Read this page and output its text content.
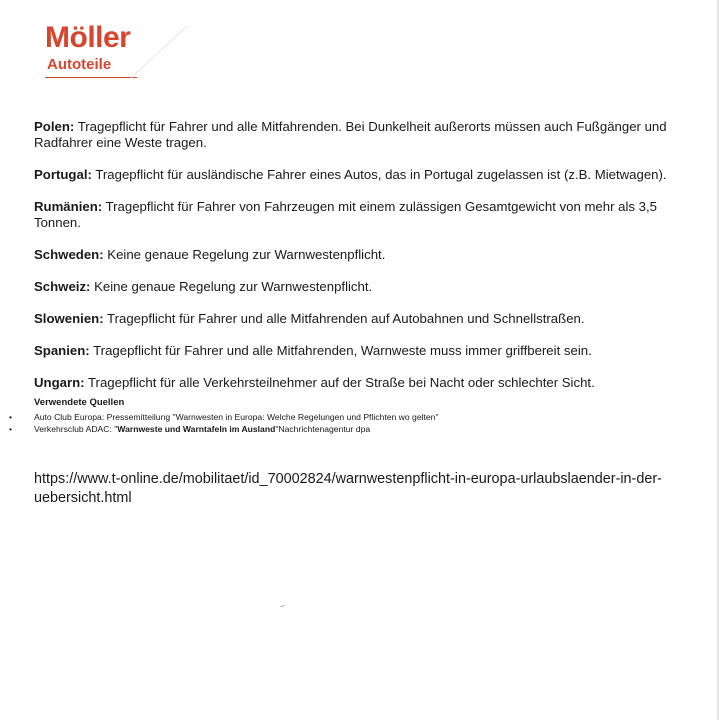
Möller
Autoteile

Polen: Tragepflicht für Fahrer und alle Mitfahrenden. Bei Dunkelheit außerorts müssen auch Fußgänger und Radfahrer eine Weste tragen.

Portugal: Tragepflicht für ausländische Fahrer eines Autos, das in Portugal zugelassen ist (z.B. Mietwagen).

Rumänien: Tragepflicht für Fahrer von Fahrzeugen mit einem zulässigen Gesamtgewicht von mehr als 3,5 Tonnen.

Schweden: Keine genaue Regelung zur Warnwestenpflicht.

Schweiz: Keine genaue Regelung zur Warnwestenpflicht.

Slowenien: Tragepflicht für Fahrer und alle Mitfahrenden auf Autobahnen und Schnellstraßen.

Spanien: Tragepflicht für Fahrer und alle Mitfahrenden, Warnweste muss immer griffbereit sein.

Ungarn: Tragepflicht für alle Verkehrsteilnehmer auf der Straße bei Nacht oder schlechter Sicht.

Verwendete Quellen
•	Auto Club Europa: Pressemitteilung "Warnwesten in Europa: Welche Regelungen und Pflichten wo gelten"
•	Verkehrsclub ADAC: "Warnweste und Warntafeln im Ausland"Nachrichtenagentur dpa
https://www.t-online.de/mobilitaet/id_70002824/warnwestenpflicht-in-europa-urlaubslaender-in-der-uebersicht.html
